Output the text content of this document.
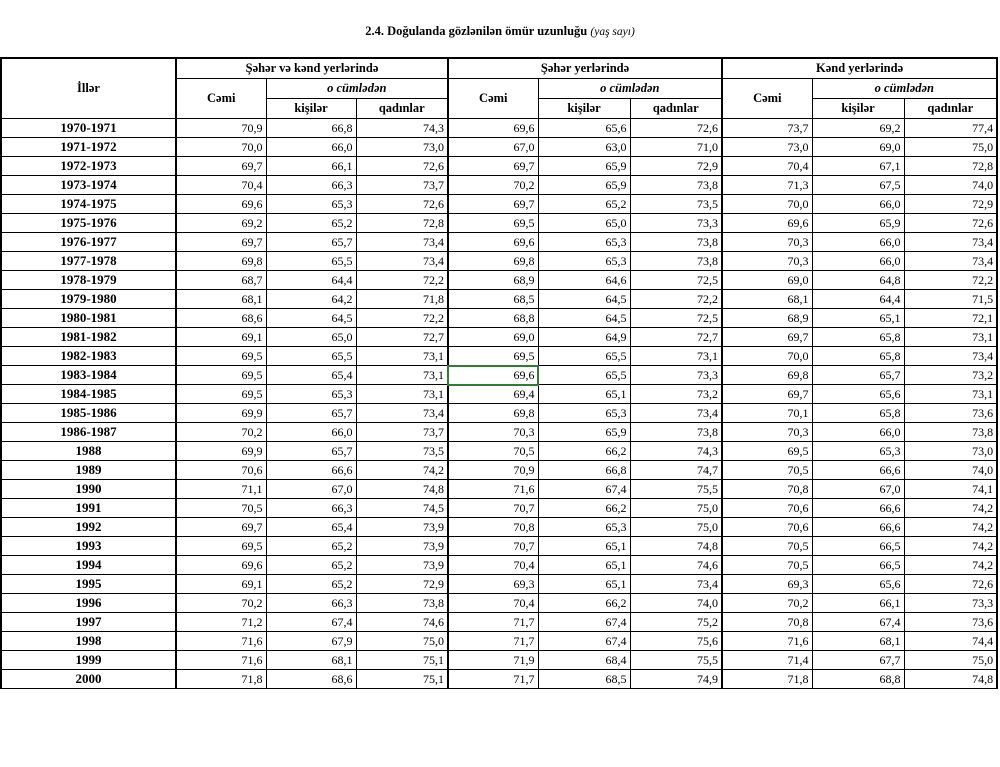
2.4. Doğulanda gözlənilən ömür uzunluğu (yaş sayı)
İllər	Şəhər və kənd yerlərində			Şəhər yerlərində			Kənd yerlərində		
	Cəmi	o cümlədən		Cəmi	o cümlədən		Cəmi	o cümlədən	
		kişilər	qadınlar		kişilər	qadınlar		kişilər	qadınlar
1970-1971	70,9	66,8	74,3	69,6	65,6	72,6	73,7	69,2	77,4
1971-1972	70,0	66,0	73,0	67,0	63,0	71,0	73,0	69,0	75,0
1972-1973	69,7	66,1	72,6	69,7	65,9	72,9	70,4	67,1	72,8
1973-1974	70,4	66,3	73,7	70,2	65,9	73,8	71,3	67,5	74,0
1974-1975	69,6	65,3	72,6	69,7	65,2	73,5	70,0	66,0	72,9
1975-1976	69,2	65,2	72,8	69,5	65,0	73,3	69,6	65,9	72,6
1976-1977	69,7	65,7	73,4	69,6	65,3	73,8	70,3	66,0	73,4
1977-1978	69,8	65,5	73,4	69,8	65,3	73,8	70,3	66,0	73,4
1978-1979	68,7	64,4	72,2	68,9	64,6	72,5	69,0	64,8	72,2
1979-1980	68,1	64,2	71,8	68,5	64,5	72,2	68,1	64,4	71,5
1980-1981	68,6	64,5	72,2	68,8	64,5	72,5	68,9	65,1	72,1
1981-1982	69,1	65,0	72,7	69,0	64,9	72,7	69,7	65,8	73,1
1982-1983	69,5	65,5	73,1	69,5	65,5	73,1	70,0	65,8	73,4
1983-1984	69,5	65,4	73,1	69,6	65,5	73,3	69,8	65,7	73,2
1984-1985	69,5	65,3	73,1	69,4	65,1	73,2	69,7	65,6	73,1
1985-1986	69,9	65,7	73,4	69,8	65,3	73,4	70,1	65,8	73,6
1986-1987	70,2	66,0	73,7	70,3	65,9	73,8	70,3	66,0	73,8
1988	69,9	65,7	73,5	70,5	66,2	74,3	69,5	65,3	73,0
1989	70,6	66,6	74,2	70,9	66,8	74,7	70,5	66,6	74,0
1990	71,1	67,0	74,8	71,6	67,4	75,5	70,8	67,0	74,1
1991	70,5	66,3	74,5	70,7	66,2	75,0	70,6	66,6	74,2
1992	69,7	65,4	73,9	70,8	65,3	75,0	70,6	66,6	74,2
1993	69,5	65,2	73,9	70,7	65,1	74,8	70,5	66,5	74,2
1994	69,6	65,2	73,9	70,4	65,1	74,6	70,5	66,5	74,2
1995	69,1	65,2	72,9	69,3	65,1	73,4	69,3	65,6	72,6
1996	70,2	66,3	73,8	70,4	66,2	74,0	70,2	66,1	73,3
1997	71,2	67,4	74,6	71,7	67,4	75,2	70,8	67,4	73,6
1998	71,6	67,9	75,0	71,7	67,4	75,6	71,6	68,1	74,4
1999	71,6	68,1	75,1	71,9	68,4	75,5	71,4	67,7	75,0
2000	71,8	68,6	75,1	71,7	68,5	74,9	71,8	68,8	74,8
